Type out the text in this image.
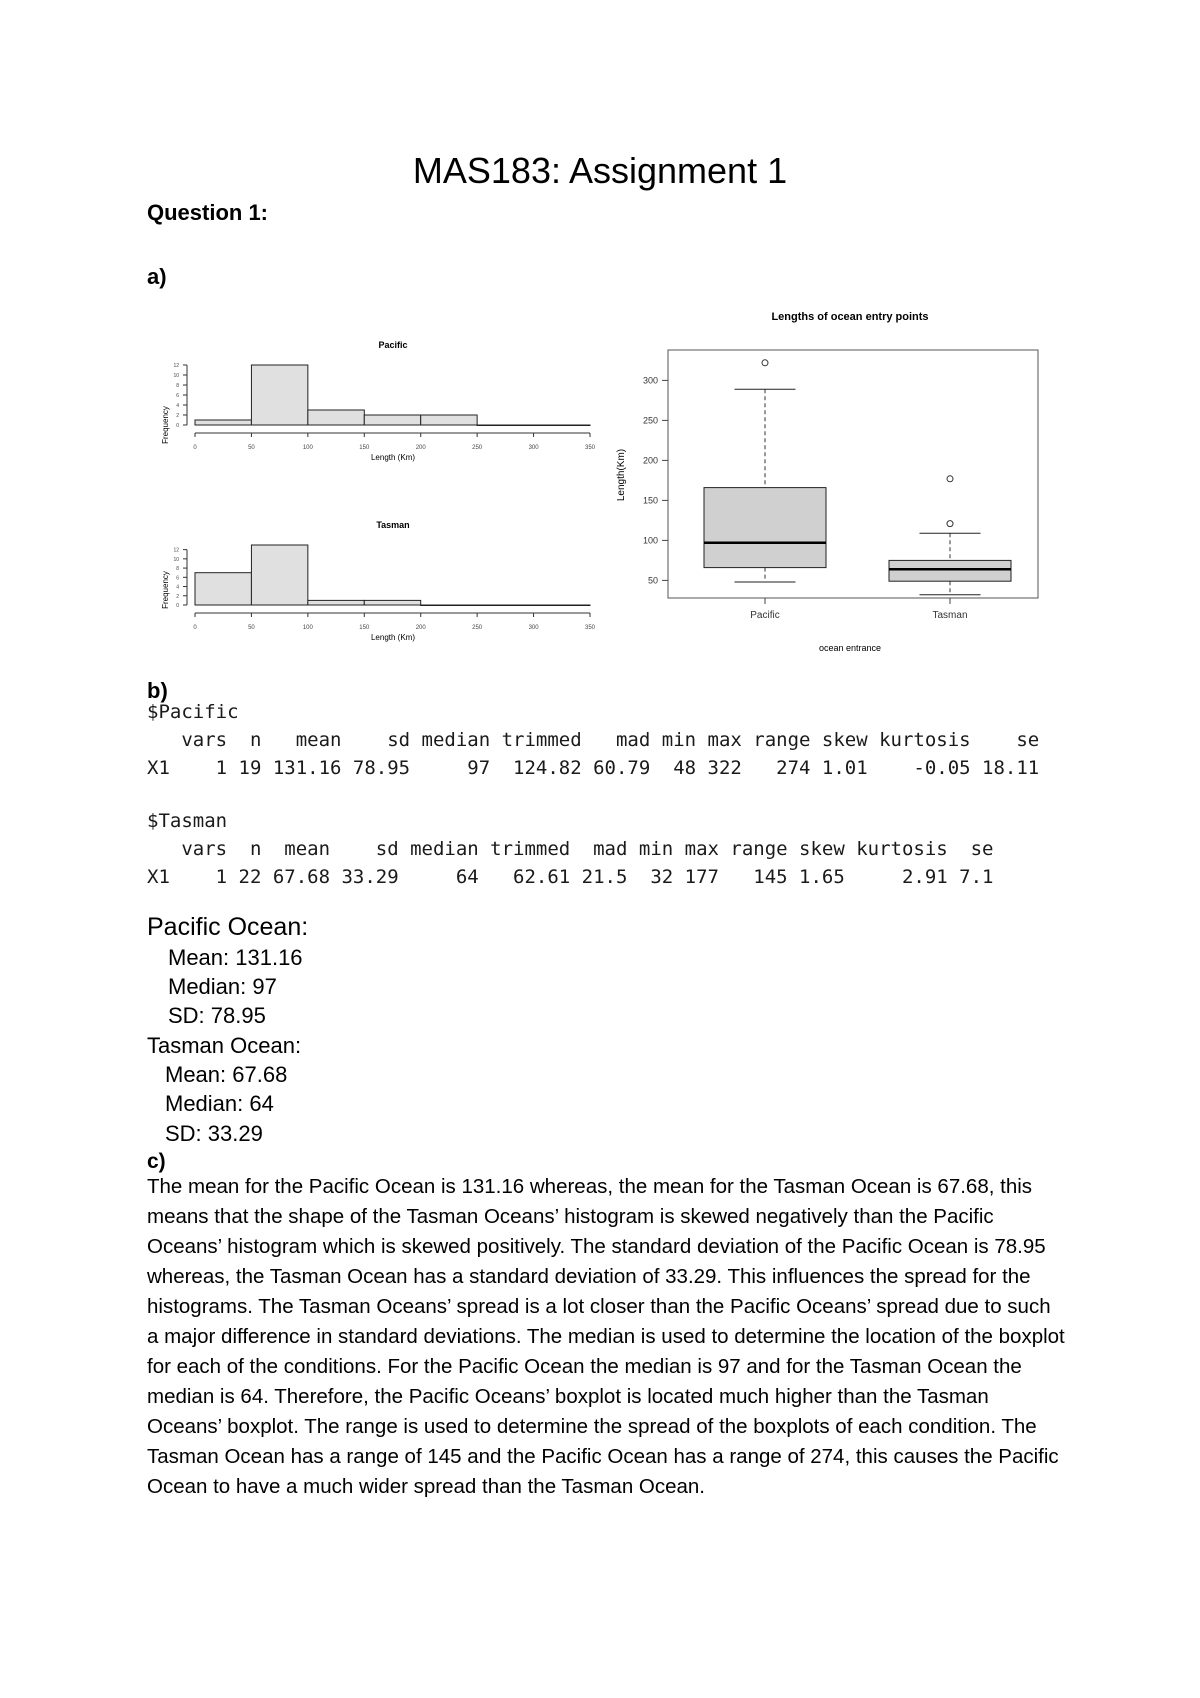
MAS183: Assignment 1
Question 1:
a)
Pacific
0	50	100	150	200	250	300	350
0
2
4
6
8
10
12
Length (Km)
Frequency
Tasman
0	50	100	150	200	250	300	350
0
2
4
6
8
10
12
Length (Km)
Frequency
Lengths of ocean entry points
50
100
150
200
250
300
Pacific	Tasman
Length(Km)
ocean entrance
b)
$Pacific
vars  n   mean    sd median trimmed   mad min max range skew kurtosis    se
X1    1 19 131.16 78.95     97  124.82 60.79  48 322   274 1.01    -0.05 18.11
$Tasman
vars  n  mean    sd median trimmed  mad min max range skew kurtosis  se
X1    1 22 67.68 33.29     64   62.61 21.5  32 177   145 1.65     2.91 7.1
Pacific Ocean:
Mean: 131.16
Median: 97
SD: 78.95
Tasman Ocean:
Mean: 67.68
Median: 64
SD: 33.29
c)
The mean for the Pacific Ocean is 131.16 whereas, the mean for the Tasman Ocean is 67.68, this means that the shape of the Tasman Oceans’ histogram is skewed negatively than the Pacific Oceans’ histogram which is skewed positively. The standard deviation of the Pacific Ocean is 78.95 whereas, the Tasman Ocean has a standard deviation of 33.29. This influences the spread for the histograms. The Tasman Oceans’ spread is a lot closer than the Pacific Oceans’ spread due to such a major difference in standard deviations. The median is used to determine the location of the boxplot for each of the conditions. For the Pacific Ocean the median is 97 and for the Tasman Ocean the median is 64. Therefore, the Pacific Oceans’ boxplot is located much higher than the Tasman Oceans’ boxplot. The range is used to determine the spread of the boxplots of each condition. The Tasman Ocean has a range of 145 and the Pacific Ocean has a range of 274, this causes the Pacific Ocean to have a much wider spread than the Tasman Ocean.
